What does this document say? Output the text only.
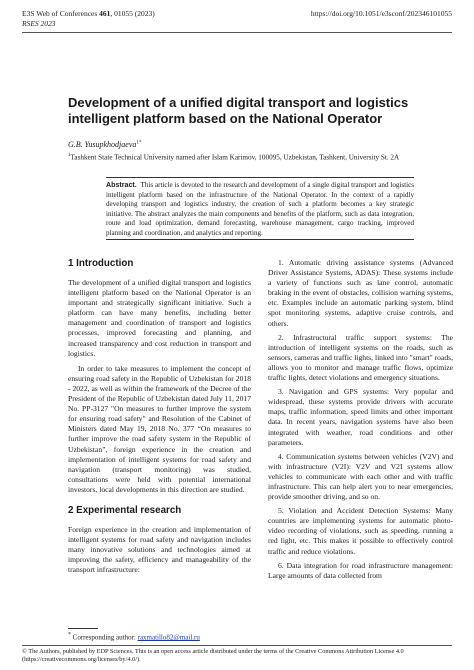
E3S Web of Conferences 461, 01055 (2023)
RSES 2023
https://doi.org/10.1051/e3sconf/202346101055
Development of a unified digital transport and logistics intelligent platform based on the National Operator
G.B. Yusupkhodjaeva$^{1*}$
$^1$Tashkent State Technical University named after Islam Karimov, 100095, Uzbekistan, Tashkent, University St. 2A
Abstract. This article is devoted to the research and development of a single digital transport and logistics intelligent platform based on the infrastructure of the National Operator. In the context of a rapidly developing transport and logistics industry, the creation of such a platform becomes a key strategic initiative. The abstract analyzes the main components and benefits of the platform, such as data integration, route and load optimization, demand forecasting, warehouse management, cargo tracking, improved planning and coordination, and analytics and reporting.
1 Introduction

The development of a unified digital transport and logistics intelligent platform based on the National Operator is an important and strategically significant initiative. Such a platform can have many benefits, including better management and coordination of transport and logistics processes, improved forecasting and planning, and increased transparency and cost reduction in transport and logistics.

In order to take measures to implement the concept of ensuring road safety in the Republic of Uzbekistan for 2018 - 2022, as well as within the framework of the Decree of the President of the Republic of Uzbekistan dated July 11, 2017 No. PP-3127 "On measures to further improve the system for ensuring road safety" and Resolution of the Cabinet of Ministers dated May 19, 2018 No. 377 “On measures to further improve the road safety system in the Republic of Uzbekistan”, foreign experience in the creation and implementation of intelligent systems for road safety and navigation (transport monitoring) was studied, consultations were held with potential international investors, local developments in this direction are studied.

2 Experimental research

Foreign experience in the creation and implementation of intelligent systems for road safety and navigation includes many innovative solutions and technologies aimed at improving the safety, efficiency and manageability of the transport infrastructure:

1. Automatic driving assistance systems (Advanced Driver Assistance Systems, ADAS): These systems include a variety of functions such as lane control, automatic braking in the event of obstacles, collision warning systems, etc. Examples include an automatic parking system, blind spot monitoring systems, adaptive cruise controls, and others.

2. Infrastructural traffic support systems: The introduction of intelligent systems on the roads, such as sensors, cameras and traffic lights, linked into "smart" roads, allows you to monitor and manage traffic flows, optimize traffic lights, detect violations and emergency situations.

3. Navigation and GPS systems: Very popular and widespread, these systems provide drivers with accurate maps, traffic information, speed limits and other important data. In recent years, navigation systems have also been integrated with weather, road conditions and other parameters.

4. Communication systems between vehicles (V2V) and with infrastructure (V2I): V2V and V2I systems allow vehicles to communicate with each other and with traffic infrastructure. This can help alert you to near emergencies, provide smoother driving, and so on.

5. Violation and Accident Detection Systems: Many countries are implementing systems for automatic photo- video recording of violations, such as speeding, running a red light, etc. This makes it possible to effectively control traffic and reduce violations.

6. Data integration for road infrastructure management: Large amounts of data collected from

* Corresponding author: raxmatillo82@mail.ru
© The Authors, published by EDP Sciences. This is an open access article distributed under the terms of the Creative Commons Attribution License 4.0 (https://creativecommons.org/licenses/by/4.0/).
